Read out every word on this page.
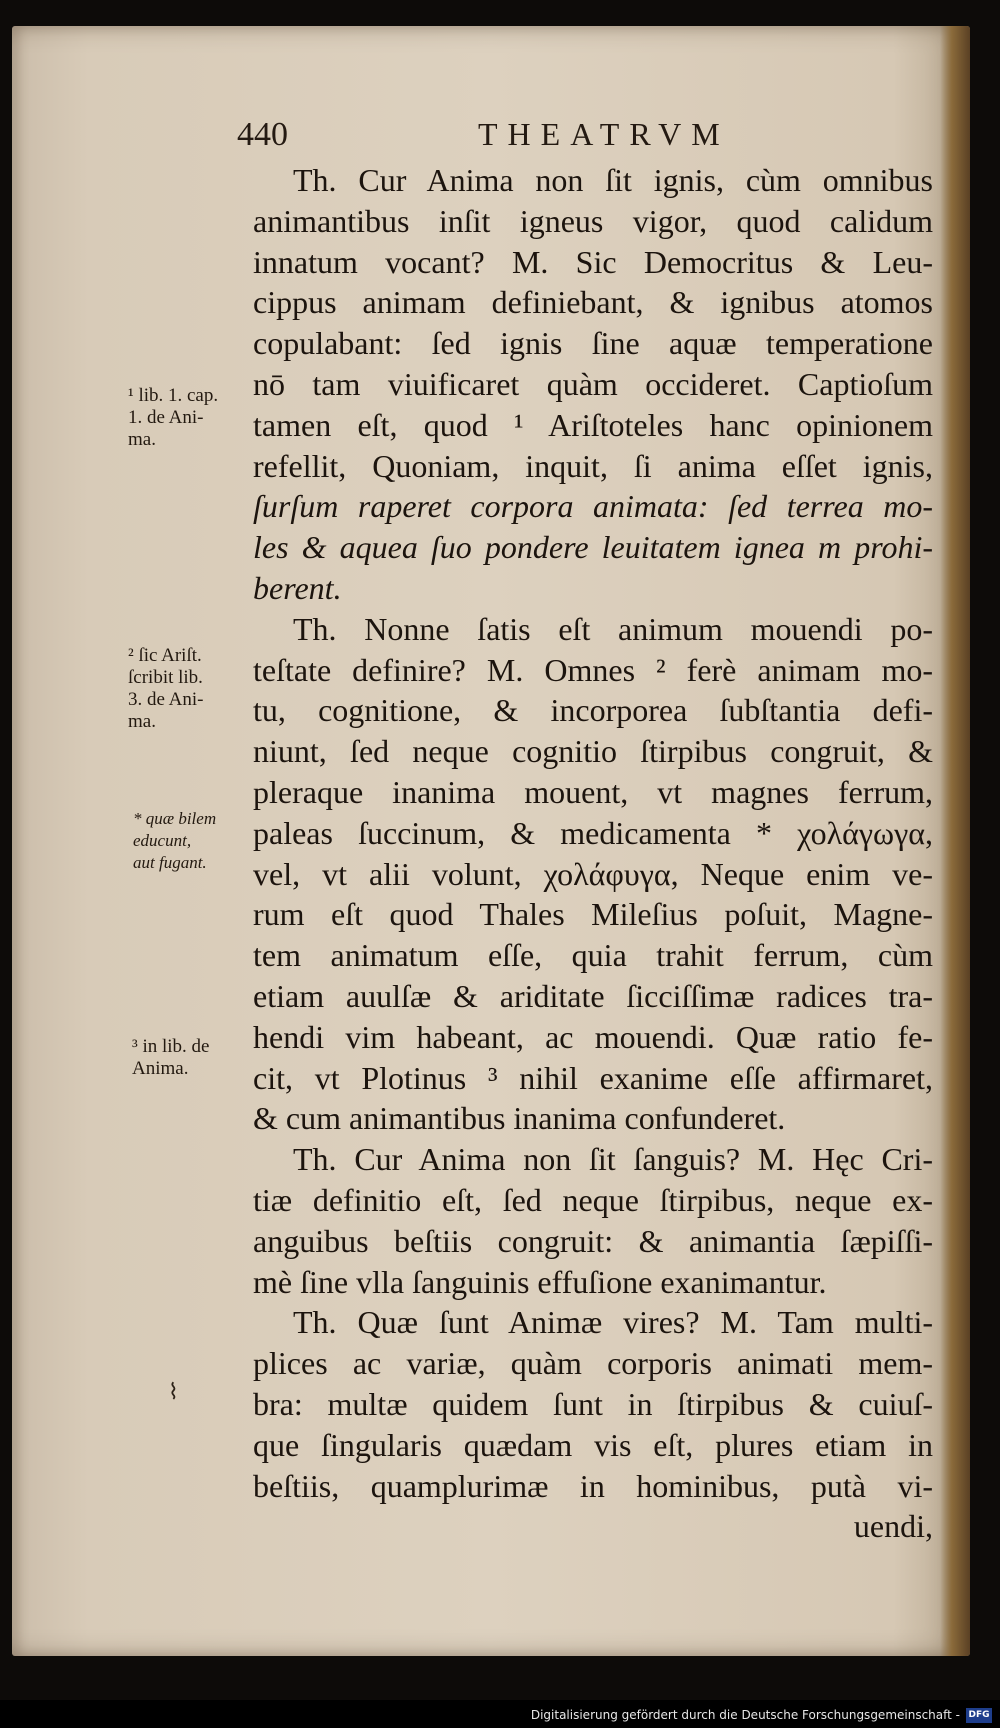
440	THEATRVM
Th. Cur Anima non ſit ignis, cùm omnibus
animantibus inſit igneus vigor, quod calidum
innatum vocant? M. Sic Democritus & Leu-
cippus animam definiebant, & ignibus atomos
copulabant: ſed ignis ſine aquæ temperatione
nō tam viuificaret quàm occideret. Captioſum
tamen eſt, quod ¹ Ariſtoteles hanc opinionem
refellit, Quoniam, inquit, ſi anima eſſet ignis,
ſurſum raperet corpora animata: ſed terrea mo-
les & aquea ſuo pondere leuitatem ignea m prohi-
berent.
Th. Nonne ſatis eſt animum mouendi po-
teſtate definire? M. Omnes ² ferè animam mo-
tu, cognitione, & incorporea ſubſtantia defi-
niunt, ſed neque cognitio ſtirpibus congruit, &
pleraque inanima mouent, vt magnes ferrum,
paleas ſuccinum, & medicamenta * χολάγωγα,
vel, vt alii volunt, χολάφυγα, Neque enim ve-
rum eſt quod Thales Mileſius poſuit, Magne-
tem animatum eſſe, quia trahit ferrum, cùm
etiam auulſæ & ariditate ſicciſſimæ radices tra-
hendi vim habeant, ac mouendi. Quæ ratio fe-
cit, vt Plotinus ³ nihil exanime eſſe affirmaret,
& cum animantibus inanima confunderet.
Th. Cur Anima non ſit ſanguis? M. Hęc Cri-
tiæ definitio eſt, ſed neque ſtirpibus, neque ex-
anguibus beſtiis congruit: & animantia ſæpiſſi-
mè ſine vlla ſanguinis effuſione exanimantur.
Th. Quæ ſunt Animæ vires? M. Tam multi-
plices ac variæ, quàm corporis animati mem-
bra: multæ quidem ſunt in ſtirpibus & cuiuſ-
que ſingularis quædam vis eſt, plures etiam in
beſtiis, quamplurimæ in hominibus, putà vi-
uendi,
¹ lib. 1. cap.
1. de Ani-
ma.
² ſic Ariſt.
ſcribit lib.
3. de Ani-
ma.
* quæ bilem
educunt,
aut fugant.
³ in lib. de
Anima.
⌇
Digitalisierung gefördert durch die Deutsche Forschungsgemeinschaft - DFG
